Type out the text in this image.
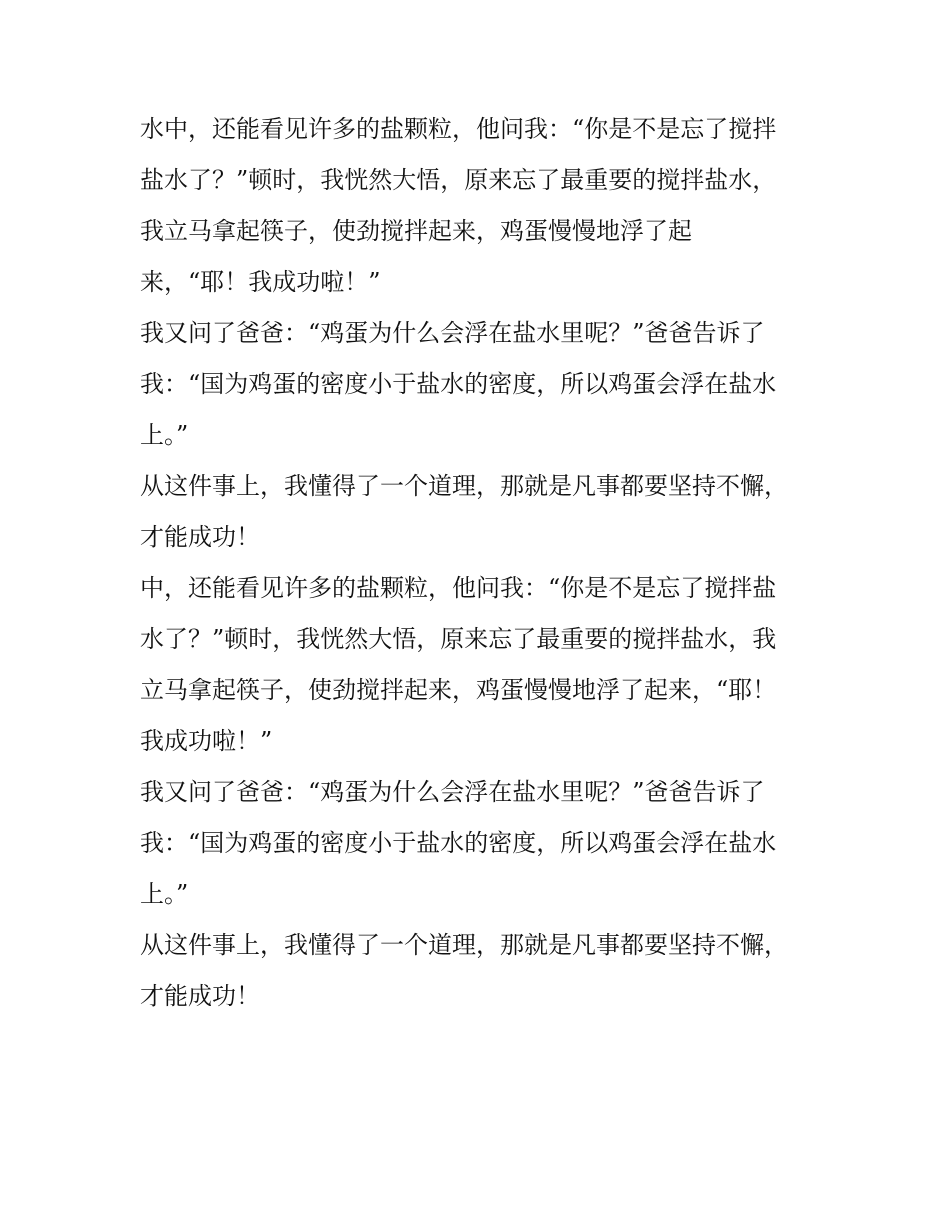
水中，还能看见许多的盐颗粒，他问我：“你是不是忘了搅拌
盐水了？”顿时，我恍然大悟，原来忘了最重要的搅拌盐水，
我立马拿起筷子，使劲搅拌起来，鸡蛋慢慢地浮了起
来，“耶！我成功啦！”
我又问了爸爸：“鸡蛋为什么会浮在盐水里呢？”爸爸告诉了
我：“国为鸡蛋的密度小于盐水的密度，所以鸡蛋会浮在盐水
上。”
从这件事上，我懂得了一个道理，那就是凡事都要坚持不懈，
才能成功！
中，还能看见许多的盐颗粒，他问我：“你是不是忘了搅拌盐
水了？”顿时，我恍然大悟，原来忘了最重要的搅拌盐水，我
立马拿起筷子，使劲搅拌起来，鸡蛋慢慢地浮了起来，“耶！
我成功啦！”
我又问了爸爸：“鸡蛋为什么会浮在盐水里呢？”爸爸告诉了
我：“国为鸡蛋的密度小于盐水的密度，所以鸡蛋会浮在盐水
上。”
从这件事上，我懂得了一个道理，那就是凡事都要坚持不懈，
才能成功！
